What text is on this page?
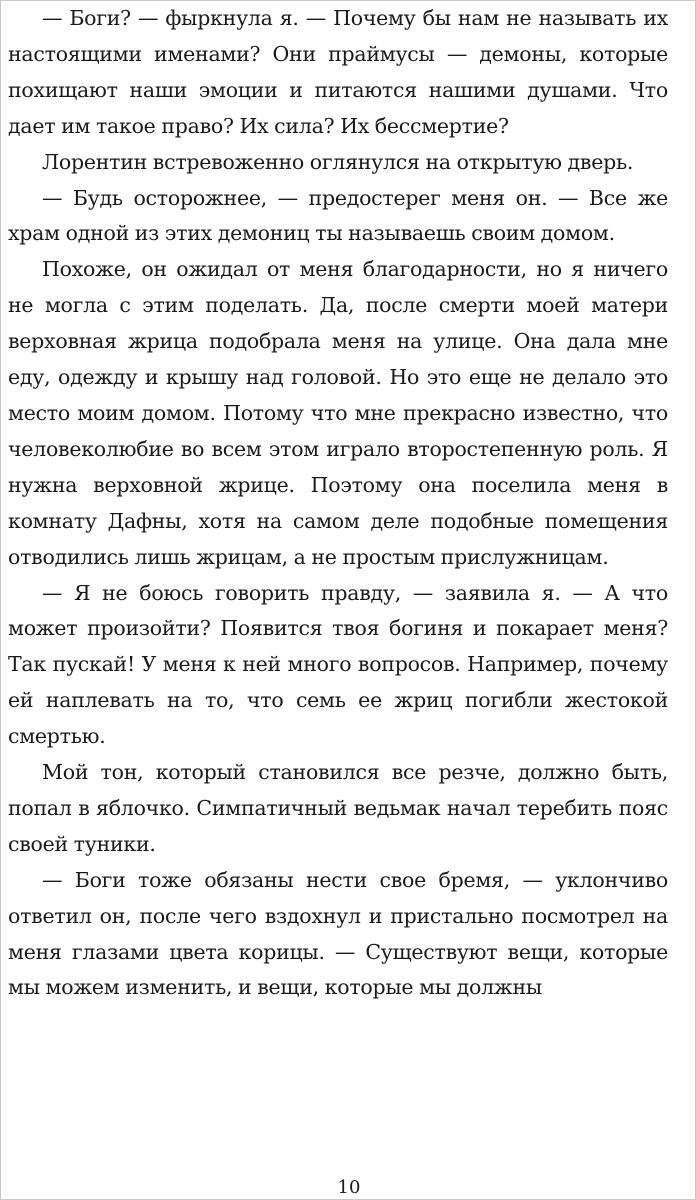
— Боги? — фыркнула я. — Почему бы нам не называть их настоящими именами? Они праймусы — демоны, которые похищают наши эмоции и питаются нашими душами. Что дает им такое право? Их сила? Их бессмертие?

Лорентин встревоженно оглянулся на открытую дверь.

— Будь осторожнее, — предостерег меня он. — Все же храм одной из этих демониц ты называешь своим домом.

Похоже, он ожидал от меня благодарности, но я ничего не могла с этим поделать. Да, после смерти моей матери верховная жрица подобрала меня на улице. Она дала мне еду, одежду и крышу над головой. Но это еще не делало это место моим домом. Потому что мне прекрасно известно, что человеколюбие во всем этом играло второстепенную роль. Я нужна верховной жрице. Поэтому она поселила меня в комнату Дафны, хотя на самом деле подобные помещения отводились лишь жрицам, а не простым прислужницам.

— Я не боюсь говорить правду, — заявила я. — А что может произойти? Появится твоя богиня и покарает меня? Так пускай! У меня к ней много вопросов. Например, почему ей наплевать на то, что семь ее жриц погибли жестокой смертью.

Мой тон, который становился все резче, должно быть, попал в яблочко. Симпатичный ведьмак начал теребить пояс своей туники.

— Боги тоже обязаны нести свое бремя, — уклончиво ответил он, после чего вздохнул и пристально посмотрел на меня глазами цвета корицы. — Существуют вещи, которые мы можем изменить, и вещи, которые мы должны

10
